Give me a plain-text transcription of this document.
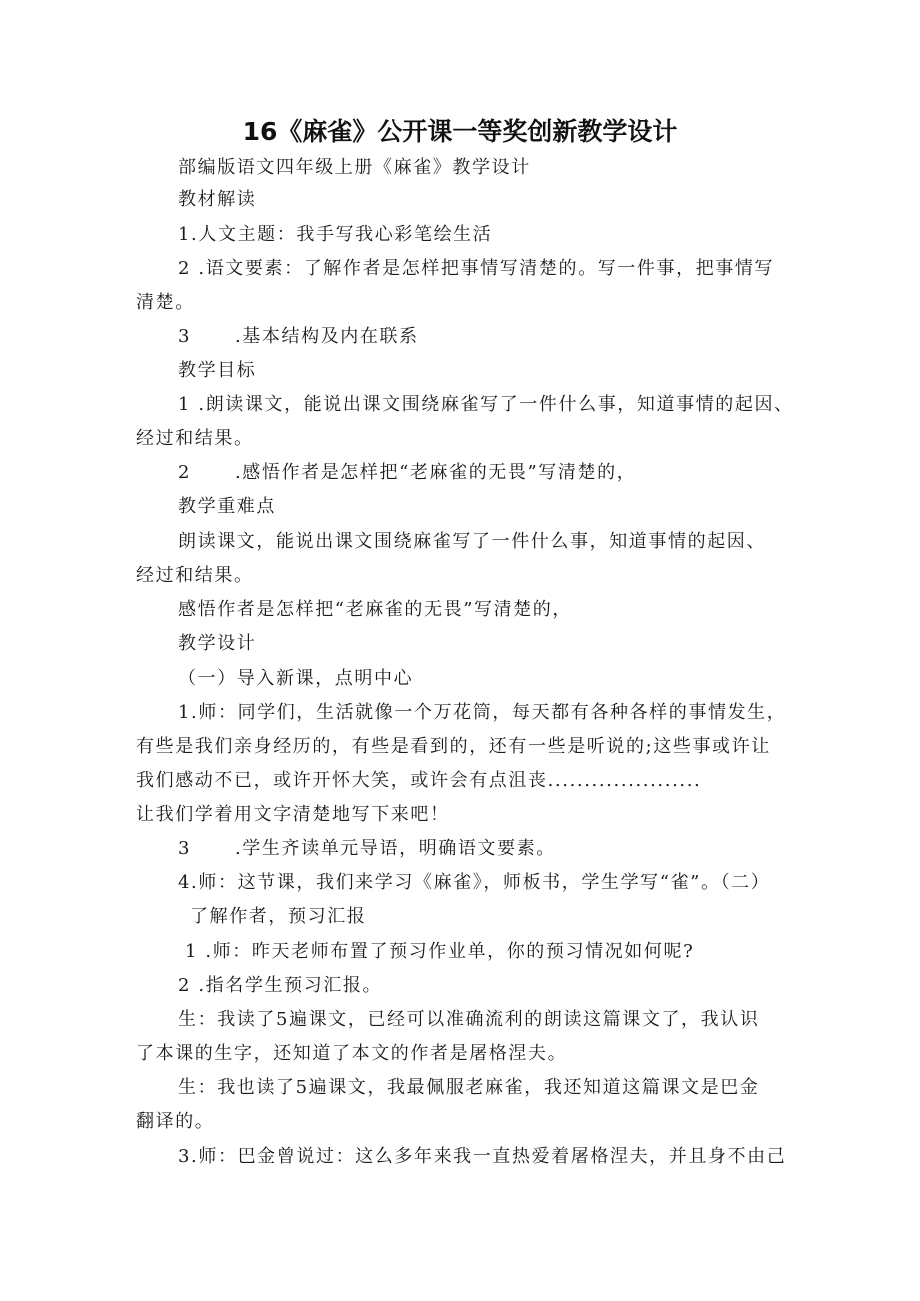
16《麻雀》公开课一等奖创新教学设计
部编版语文四年级上册《麻雀》教学设计
教材解读
1.人文主题：我手写我心彩笔绘生活
2 .语文要素：了解作者是怎样把事情写清楚的。写一件事，把事情写
清楚。
3      .基本结构及内在联系
教学目标
1 .朗读课文，能说出课文围绕麻雀写了一件什么事，知道事情的起因、
经过和结果。
2      .感悟作者是怎样把“老麻雀的无畏”写清楚的，
教学重难点
朗读课文，能说出课文围绕麻雀写了一件什么事，知道事情的起因、
经过和结果。
感悟作者是怎样把“老麻雀的无畏”写清楚的，
教学设计
（一）导入新课，点明中心
1.师：同学们，生活就像一个万花筒，每天都有各种各样的事情发生，
有些是我们亲身经历的，有些是看到的，还有一些是听说的;这些事或许让
我们感动不已，或许开怀大笑，或许会有点沮丧.....................
让我们学着用文字清楚地写下来吧！
3      .学生齐读单元导语，明确语文要素。
4.师：这节课，我们来学习《麻雀》，师板书，学生学写“雀”。（二）
了解作者，预习汇报
1 .师：昨天老师布置了预习作业单，你的预习情况如何呢?
2 .指名学生预习汇报。
生：我读了5遍课文，已经可以准确流利的朗读这篇课文了，我认识
了本课的生字，还知道了本文的作者是屠格涅夫。
生：我也读了5遍课文，我最佩服老麻雀，我还知道这篇课文是巴金
翻译的。
3.师：巴金曾说过：这么多年来我一直热爱着屠格涅夫，并且身不由己
